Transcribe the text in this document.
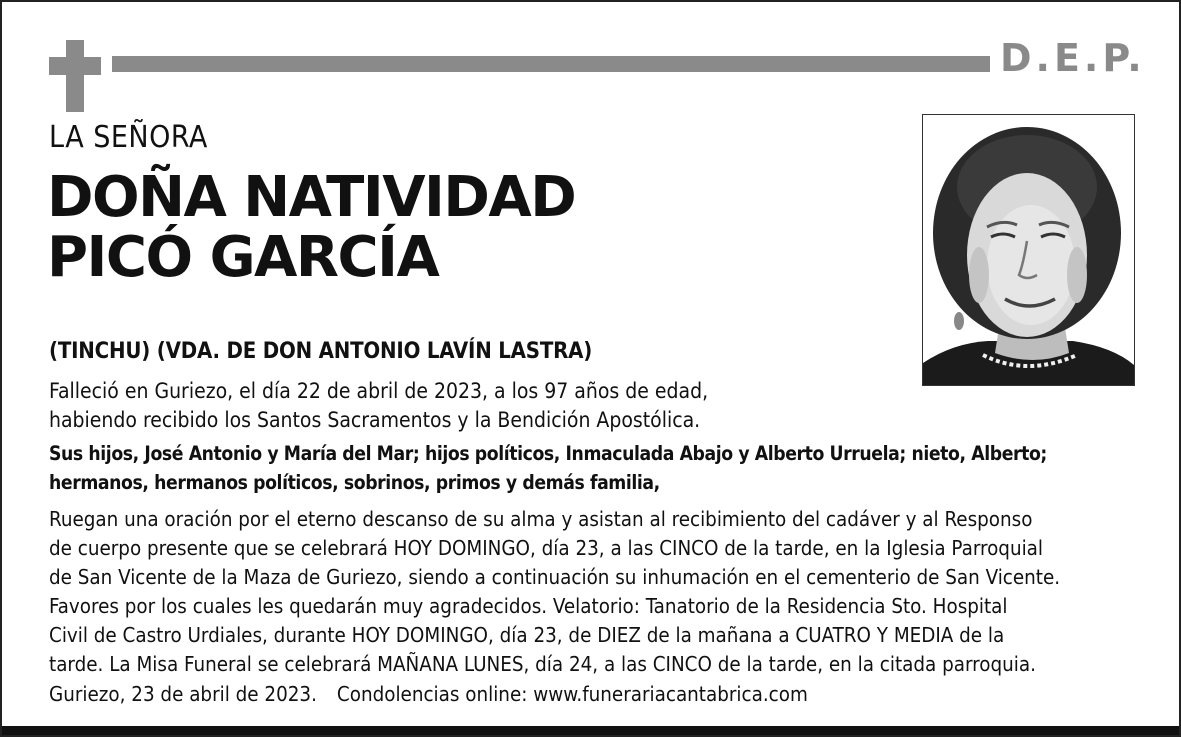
D.E.P.
LA SEÑORA
DOÑA NATIVIDAD
PICÓ GARCÍA
(TINCHU) (VDA. DE DON ANTONIO LAVÍN LASTRA)
Falleció en Guriezo, el día 22 de abril de 2023, a los 97 años de edad,
habiendo recibido los Santos Sacramentos y la Bendición Apostólica.
Sus hijos, José Antonio y María del Mar; hijos políticos, Inmaculada Abajo y Alberto Urruela; nieto, Alberto;
hermanos, hermanos políticos, sobrinos, primos y demás familia,
Ruegan una oración por el eterno descanso de su alma y asistan al recibimiento del cadáver y al Responso
de cuerpo presente que se celebrará HOY DOMINGO, día 23, a las CINCO de la tarde, en la Iglesia Parroquial
de San Vicente de la Maza de Guriezo, siendo a continuación su inhumación en el cementerio de San Vicente.
Favores por los cuales les quedarán muy agradecidos. Velatorio: Tanatorio de la Residencia Sto. Hospital
Civil de Castro Urdiales, durante HOY DOMINGO, día 23, de DIEZ de la mañana a CUATRO Y MEDIA de la
tarde. La Misa Funeral se celebrará MAÑANA LUNES, día 24, a las CINCO de la tarde, en la citada parroquia.
Guriezo, 23 de abril de 2023. Condolencias online: www.funerariacantabrica.com
